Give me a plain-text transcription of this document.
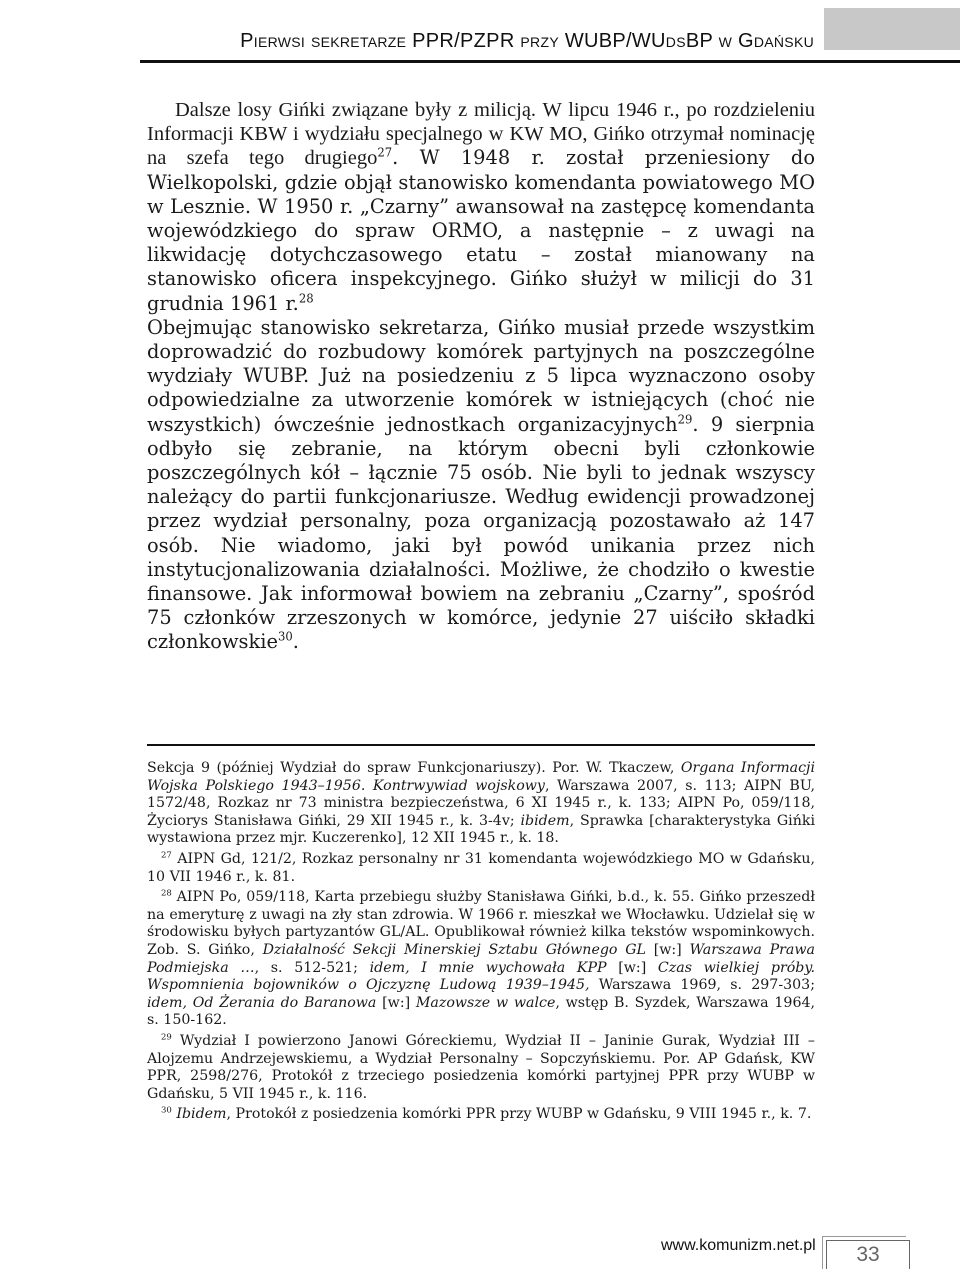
Pierwsi sekretarze PPR/PZPR przy WUBP/WUdsBP w Gdańsku

Dalsze losy Gińki związane były z milicją. W lipcu 1946 r., po rozdzieleniu Informacji KBW i wydziału specjalnego w KW MO, Gińko otrzymał nominację na szefa tego drugiego$^{27}$. W 1948 r. został przeniesiony do Wielkopolski, gdzie objął stanowisko komendanta powiatowego MO w Lesznie. W 1950 r. „Czarny” awansował na zastępcę komendanta wojewódzkiego do spraw ORMO, a następnie – z uwagi na likwidację dotychczasowego etatu – został mianowany na stanowisko oficera inspekcyjnego. Gińko służył w milicji do 31 grudnia 1961 r.$^{28}$

Obejmując stanowisko sekretarza, Gińko musiał przede wszystkim doprowadzić do rozbudowy komórek partyjnych na poszczególne wydziały WUBP. Już na posiedzeniu z 5 lipca wyznaczono osoby odpowiedzialne za utworzenie komórek w istniejących (choć nie wszystkich) ówcześnie jednostkach organizacyjnych$^{29}$. 9 sierpnia odbyło się zebranie, na którym obecni byli członkowie poszczególnych kół – łącznie 75 osób. Nie byli to jednak wszyscy należący do partii funkcjonariusze. Według ewidencji prowadzonej przez wydział personalny, poza organizacją pozostawało aż 147 osób. Nie wiadomo, jaki był powód unikania przez nich instytucjonalizowania działalności. Możliwe, że chodziło o kwestie finansowe. Jak informował bowiem na zebraniu „Czarny”, spośród 75 członków zrzeszonych w komórce, jedynie 27 uiściło składki członkowskie$^{30}$.

Sekcja 9 (później Wydział do spraw Funkcjonariuszy). Por. W. Tkaczew, Organa Informacji Wojska Polskiego 1943–1956. Kontrwywiad wojskowy, Warszawa 2007, s. 113; AIPN BU, 1572/48, Rozkaz nr 73 ministra bezpieczeństwa, 6 XI 1945 r., k. 133; AIPN Po, 059/118, Życiorys Stanisława Gińki, 29 XII 1945 r., k. 3-4v; ibidem, Sprawka [charakterystyka Gińki wystawiona przez mjr. Kuczerenko], 12 XII 1945 r., k. 18.

$^{27}$ AIPN Gd, 121/2, Rozkaz personalny nr 31 komendanta wojewódzkiego MO w Gdańsku, 10 VII 1946 r., k. 81.

$^{28}$ AIPN Po, 059/118, Karta przebiegu służby Stanisława Gińki, b.d., k. 55. Gińko przeszedł na emeryturę z uwagi na zły stan zdrowia. W 1966 r. mieszkał we Włocławku. Udzielał się w środowisku byłych partyzantów GL/AL. Opublikował również kilka tekstów wspominkowych. Zob. S. Gińko, Działalność Sekcji Minerskiej Sztabu Głównego GL [w:] Warszawa Prawa Podmiejska …, s. 512-521; idem, I mnie wychowała KPP [w:] Czas wielkiej próby. Wspomnienia bojowników o Ojczyznę Ludową 1939–1945, Warszawa 1969, s. 297-303; idem, Od Żerania do Baranowa [w:] Mazowsze w walce, wstęp B. Syzdek, Warszawa 1964, s. 150-162.

$^{29}$ Wydział I powierzono Janowi Góreckiemu, Wydział II – Janinie Gurak, Wydział III – Alojzemu Andrzejewskiemu, a Wydział Personalny – Sopczyńskiemu. Por. AP Gdańsk, KW PPR, 2598/276, Protokół z trzeciego posiedzenia komórki partyjnej PPR przy WUBP w Gdańsku, 5 VII 1945 r., k. 116.

$^{30}$ Ibidem, Protokół z posiedzenia komórki PPR przy WUBP w Gdańsku, 9 VIII 1945 r., k. 7.

www.komunizm.net.pl	33
